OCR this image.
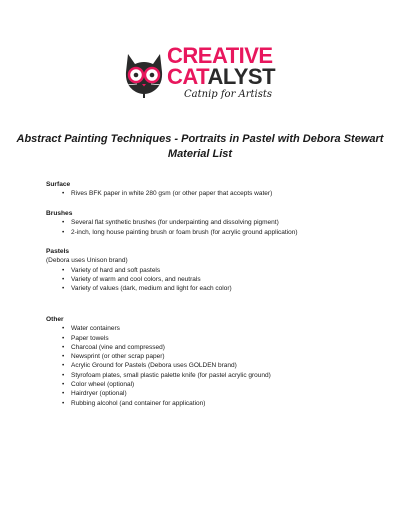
CREATIVE
CATALYST
Catnip for Artists
Abstract Painting Techniques - Portraits in Pastel with Debora Stewart
Material List
Surface
• Rives BFK paper in white 280 gsm (or other paper that accepts water)
Brushes
• Several flat synthetic brushes (for underpainting and dissolving pigment)
• 2-inch, long house painting brush or foam brush (for acrylic ground application)
Pastels
(Debora uses Unison brand)
• Variety of hard and soft pastels
• Variety of warm and cool colors, and neutrals
• Variety of values (dark, medium and light for each color)
Other
• Water containers
• Paper towels
• Charcoal (vine and compressed)
• Newsprint (or other scrap paper)
• Acrylic Ground for Pastels (Debora uses GOLDEN brand)
• Styrofoam plates, small plastic palette knife (for pastel acrylic ground)
• Color wheel (optional)
• Hairdryer (optional)
• Rubbing alcohol (and container for application)
